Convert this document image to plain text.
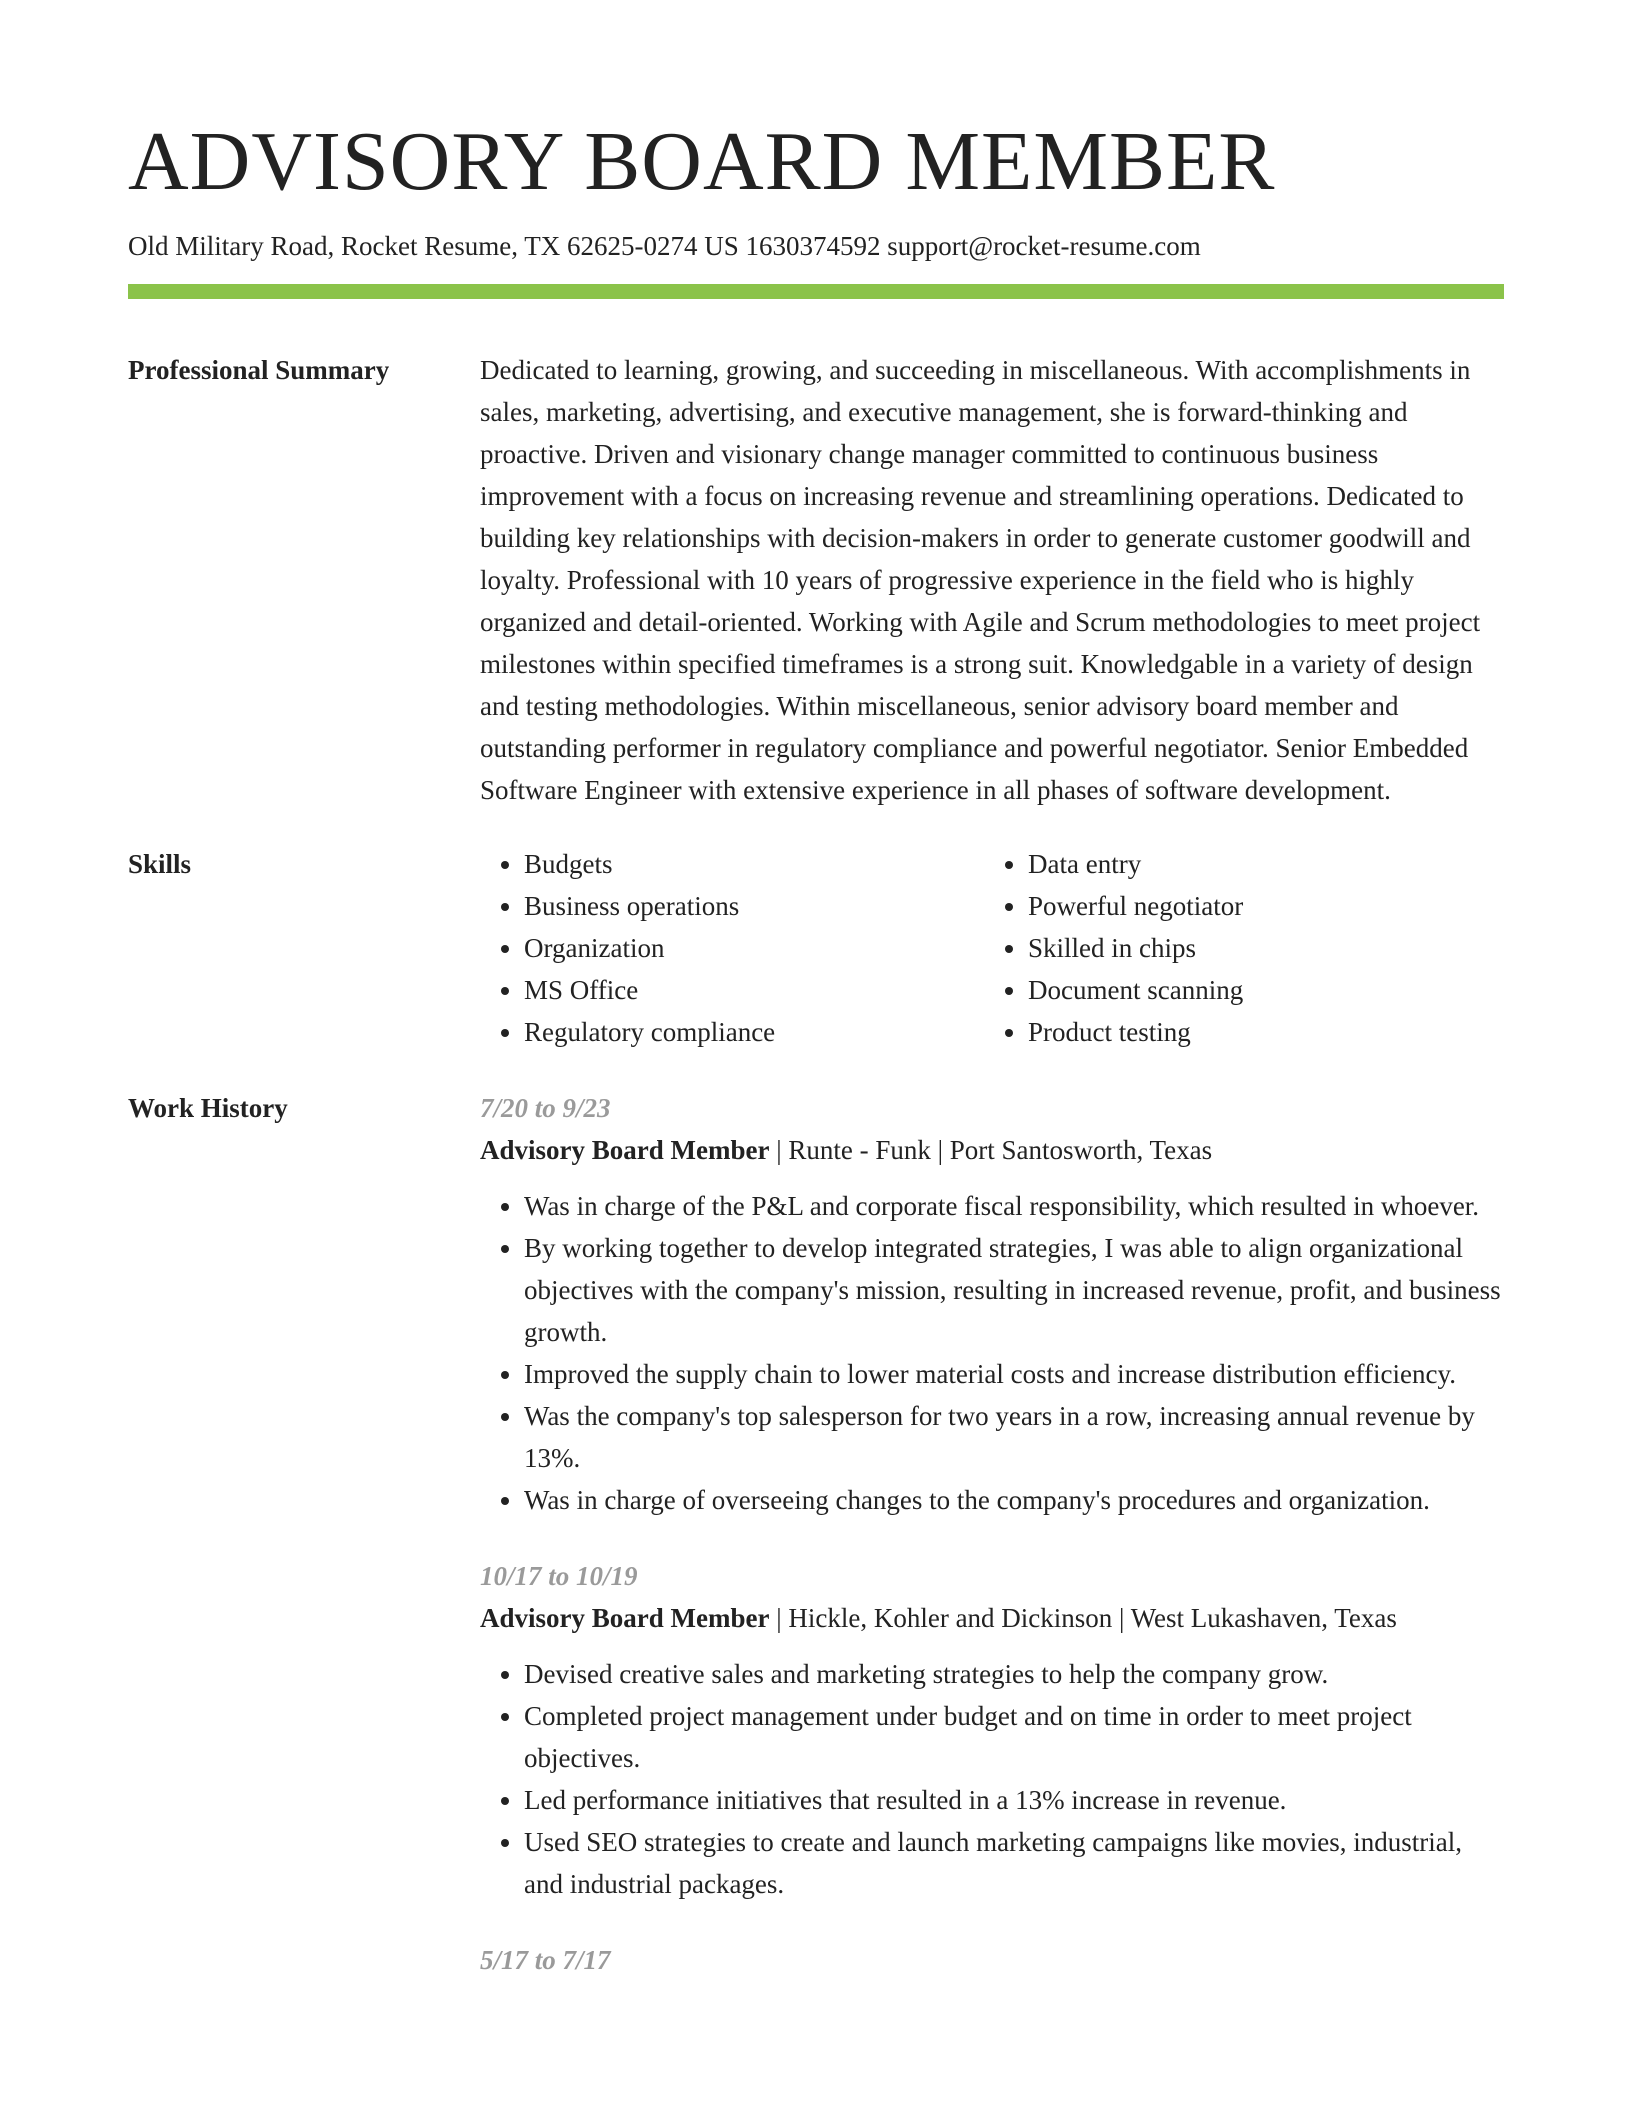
ADVISORY BOARD MEMBER
Old Military Road, Rocket Resume, TX 62625-0274 US 1630374592 support@rocket-resume.com
Professional Summary	Dedicated to learning, growing, and succeeding in miscellaneous. With accomplishments in sales, marketing, advertising, and executive management, she is forward-thinking and proactive. Driven and visionary change manager committed to continuous business improvement with a focus on increasing revenue and streamlining operations. Dedicated to building key relationships with decision-makers in order to generate customer goodwill and loyalty. Professional with 10 years of progressive experience in the field who is highly organized and detail-oriented. Working with Agile and Scrum methodologies to meet project milestones within specified timeframes is a strong suit. Knowledgable in a variety of design and testing methodologies. Within miscellaneous, senior advisory board member and outstanding performer in regulatory compliance and powerful negotiator. Senior Embedded Software Engineer with extensive experience in all phases of software development.
Skills
•	Budgets
• Business operations
• Organization
• MS Office
• Regulatory compliance
• Data entry
• Powerful negotiator
• Skilled in chips
• Document scanning
• Product testing
Work History	7/20 to 9/23
Advisory Board Member | Runte - Funk | Port Santosworth, Texas
• Was in charge of the P&L and corporate fiscal responsibility, which resulted in whoever.
• By working together to develop integrated strategies, I was able to align organizational objectives with the company's mission, resulting in increased revenue, profit, and business growth.
• Improved the supply chain to lower material costs and increase distribution efficiency.
• Was the company's top salesperson for two years in a row, increasing annual revenue by 13%.
• Was in charge of overseeing changes to the company's procedures and organization.
10/17 to 10/19
Advisory Board Member | Hickle, Kohler and Dickinson | West Lukashaven, Texas
• Devised creative sales and marketing strategies to help the company grow.
• Completed project management under budget and on time in order to meet project objectives.
• Led performance initiatives that resulted in a 13% increase in revenue.
• Used SEO strategies to create and launch marketing campaigns like movies, industrial, and industrial packages.
5/17 to 7/17
